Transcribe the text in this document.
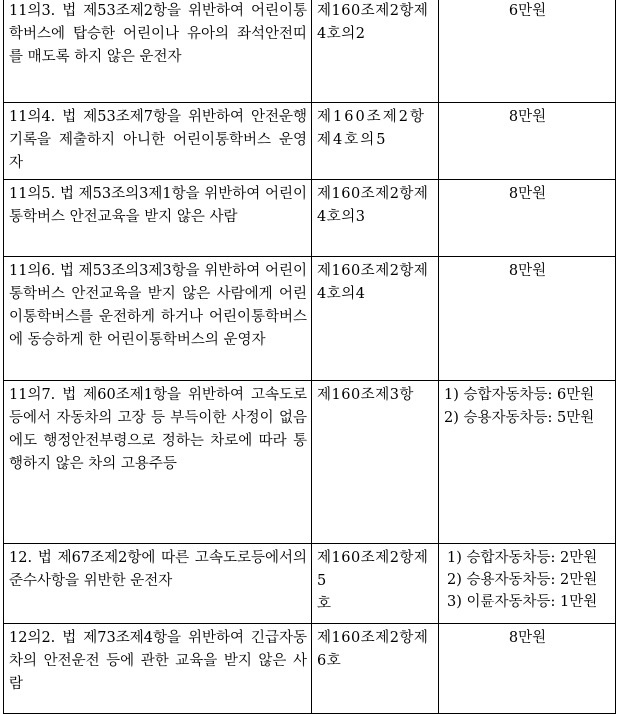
11의3. 법 제53조제2항을 위반하여 어린이통학버스에 탑승한 어린이나 유아의 좌석안전띠를 매도록 하지 않은 운전자	제160조제2항제
4호의2	6만원

11의4. 법 제53조제7항을 위반하여 안전운행기록을 제출하지 아니한 어린이통학버스 운영자	제160조제2항
제4호의5	8만원

11의5. 법 제53조의3제1항을 위반하여 어린이통학버스 안전교육을 받지 않은 사람	제160조제2항제
4호의3	8만원

11의6. 법 제53조의3제3항을 위반하여 어린이통학버스 안전교육을 받지 않은 사람에게 어린이통학버스를 운전하게 하거나 어린이통학버스에 동승하게 한 어린이통학버스의 운영자	제160조제2항제
4호의4	8만원

11의7. 법 제60조제1항을 위반하여 고속도로등에서 자동차의 고장 등 부득이한 사정이 없음에도 행정안전부령으로 정하는 차로에 따라 통행하지 않은 차의 고용주등	제160조제3항	1) 승합자동차등: 6만원
2) 승용자동차등: 5만원

12. 법 제67조제2항에 따른 고속도로등에서의 준수사항을 위반한 운전자	제160조제2항제5
호	1) 승합자동차등: 2만원
2) 승용자동차등: 2만원
3) 이륜자동차등: 1만원

12의2. 법 제73조제4항을 위반하여 긴급자동차의 안전운전 등에 관한 교육을 받지 않은 사람	제160조제2항제
6호	8만원
